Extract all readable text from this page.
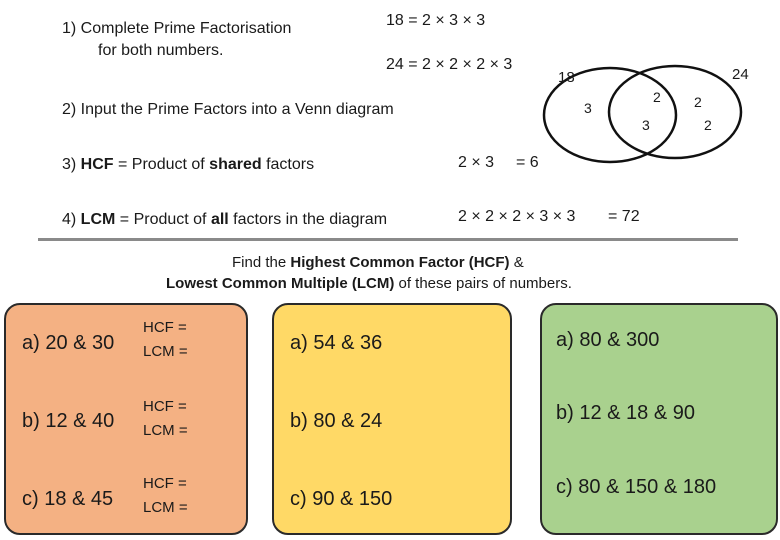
1) Complete Prime Factorisation
for both numbers.
18 = 2 × 3 × 3
24 = 2 × 2 × 2 × 3
2) Input the Prime Factors into a Venn diagram
18	24
3
2
3
2
2
3) HCF = Product of shared factors	2 × 3 = 6
4) LCM = Product of all factors in the diagram	2 × 2 × 2 × 3 × 3 = 72
Find the Highest Common Factor (HCF) &
Lowest Common Multiple (LCM) of these pairs of numbers.
a) 20 & 30
HCF =
LCM =
b) 12 & 40
HCF =
LCM =
c) 18 & 45
HCF =
LCM =
a) 54 & 36
b) 80 & 24
c) 90 & 150
a) 80 & 300
b) 12 & 18 & 90
c) 80 & 150 & 180
